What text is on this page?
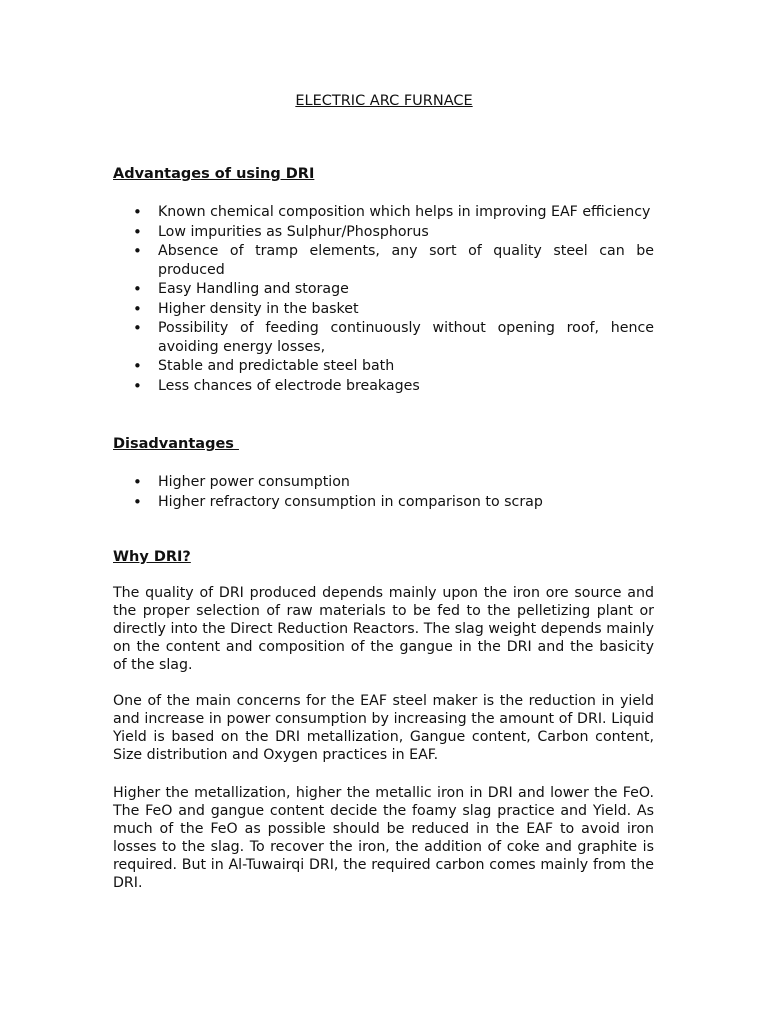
ELECTRIC ARC FURNACE
Advantages of using DRI
• Known chemical composition which helps in improving EAF efficiency
• Low impurities as Sulphur/Phosphorus
• Absence of tramp elements, any sort of quality steel can be produced
• Easy Handling and storage
• Higher density in the basket
• Possibility of feeding continuously without opening roof, hence avoiding energy losses,
• Stable and predictable steel bath
• Less chances of electrode breakages
Disadvantages
• Higher power consumption
• Higher refractory consumption in comparison to scrap
Why DRI?

The quality of DRI produced depends mainly upon the iron ore source and the proper selection of raw materials to be fed to the pelletizing plant or directly into the Direct Reduction Reactors. The slag weight depends mainly on the content and composition of the gangue in the DRI and the basicity of the slag.

One of the main concerns for the EAF steel maker is the reduction in yield and increase in power consumption by increasing the amount of DRI. Liquid Yield is based on the DRI metallization, Gangue content, Carbon content, Size distribution and Oxygen practices in EAF.

Higher the metallization, higher the metallic iron in DRI and lower the FeO. The FeO and gangue content decide the foamy slag practice and Yield. As much of the FeO as possible should be reduced in the EAF to avoid iron losses to the slag. To recover the iron, the addition of coke and graphite is required. But in Al-Tuwairqi DRI, the required carbon comes mainly from the DRI.
